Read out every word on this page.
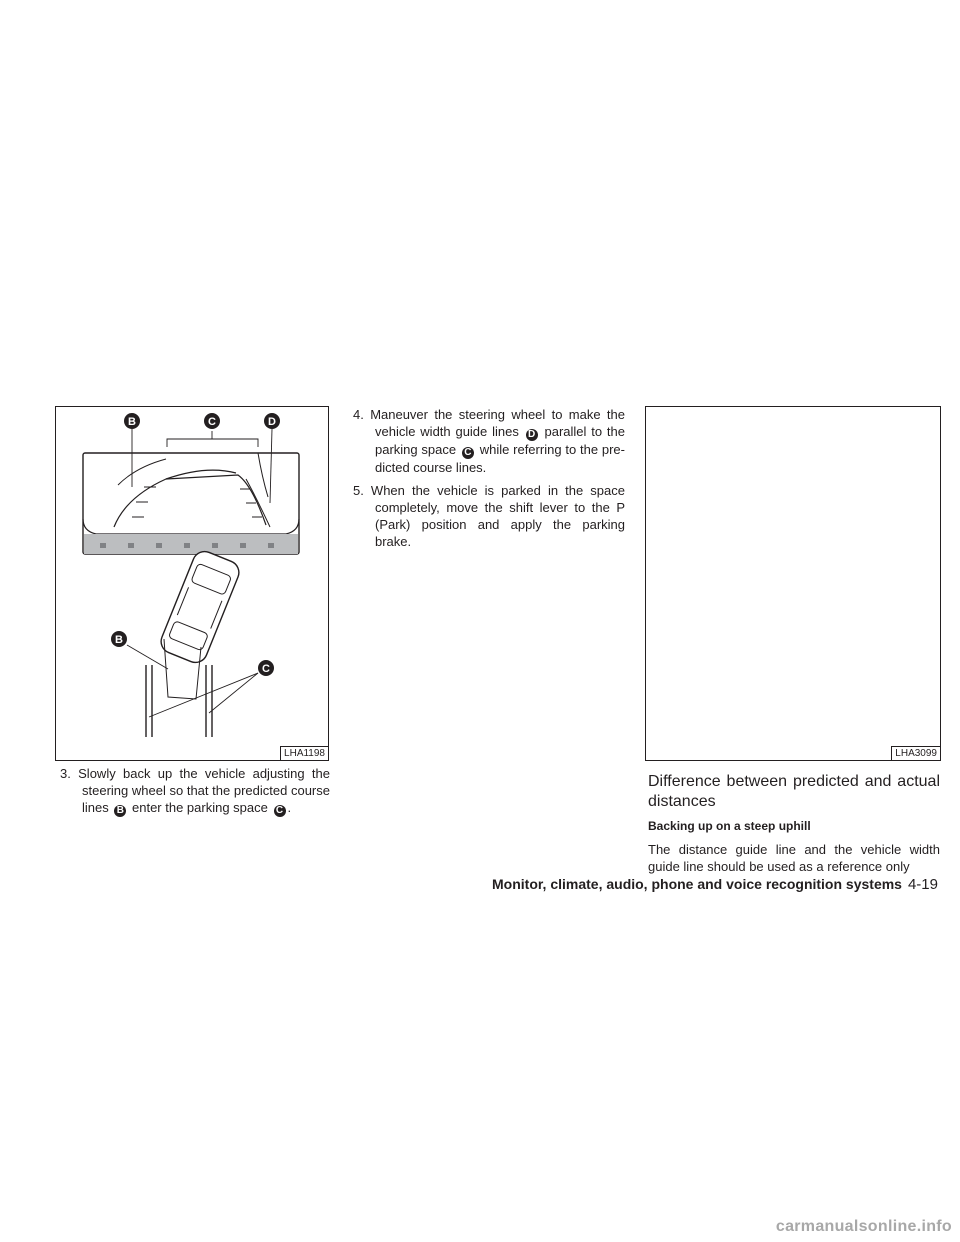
B	C	D
B
C
LHA1198	LHA3099

3. Slowly back up the vehicle adjusting the steering wheel so that the predicted course lines B enter the parking space C .

4. Maneuver the steering wheel to make the vehicle width guide lines D parallel to the parking space C while referring to the pre-dicted course lines.

5. When the vehicle is parked in the space completely, move the shift lever to the P (Park) position and apply the parking brake.

Difference between predicted and actual distances
Backing up on a steep uphill

The distance guide line and the vehicle width guide line should be used as a reference only

Monitor, climate, audio, phone and voice recognition systems 4-19
carmanualsonline.info
